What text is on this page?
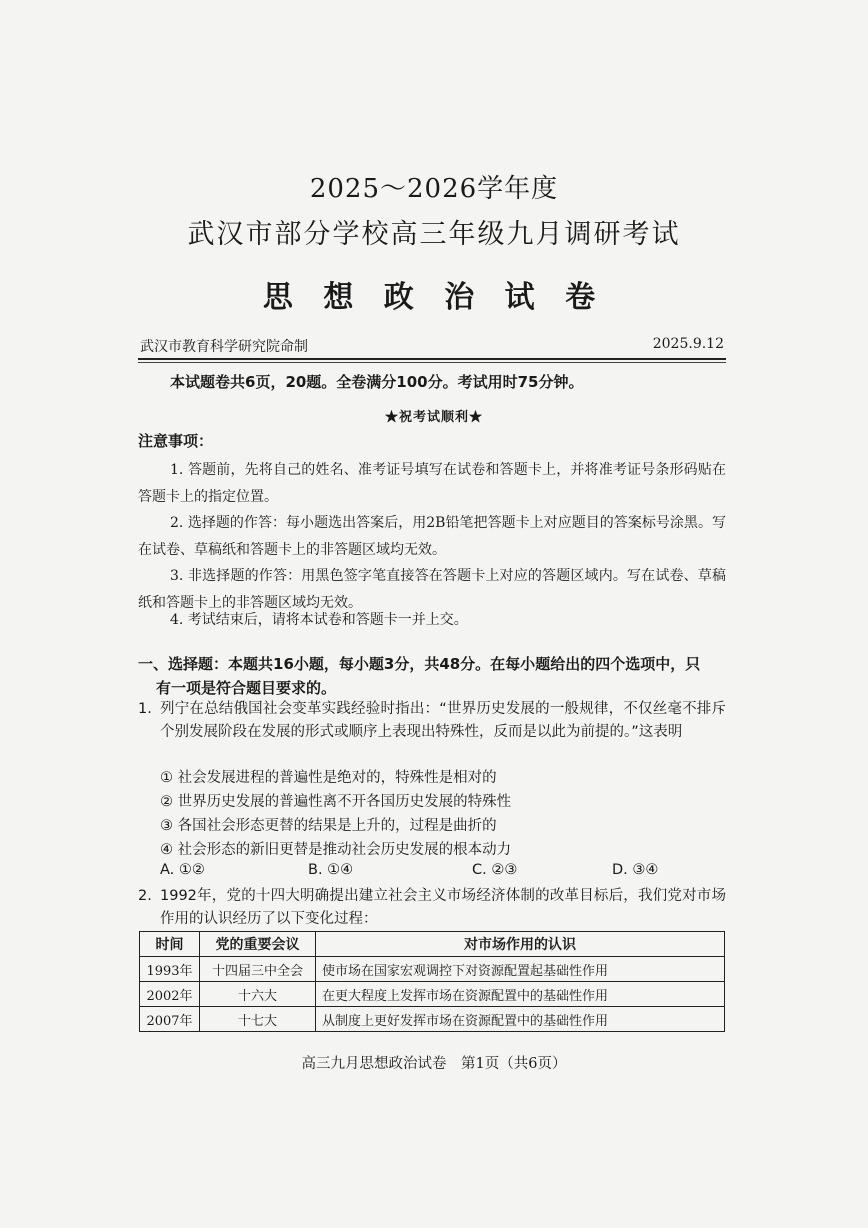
2025～2026学年度
武汉市部分学校高三年级九月调研考试
思 想 政 治 试 卷
武汉市教育科学研究院命制	2025.9.12
本试题卷共6页，20题。全卷满分100分。考试用时75分钟。
★祝考试顺利★
注意事项：

1. 答题前，先将自己的姓名、准考证号填写在试卷和答题卡上，并将准考证号条形码贴在答题卡上的指定位置。

2. 选择题的作答：每小题选出答案后，用2B铅笔把答题卡上对应题目的答案标号涂黑。写在试卷、草稿纸和答题卡上的非答题区域均无效。

3. 非选择题的作答：用黑色签字笔直接答在答题卡上对应的答题区域内。写在试卷、草稿纸和答题卡上的非答题区域均无效。

4. 考试结束后，请将本试卷和答题卡一并上交。

一、选择题：本题共16小题，每小题3分，共48分。在每小题给出的四个选项中，只
有一项是符合题目要求的。
1. 列宁在总结俄国社会变革实践经验时指出：“世界历史发展的一般规律，不仅丝毫不排斥个别发展阶段在发展的形式或顺序上表现出特殊性，反而是以此为前提的。”这表明
① 社会发展进程的普遍性是绝对的，特殊性是相对的
② 世界历史发展的普遍性离不开各国历史发展的特殊性
③ 各国社会形态更替的结果是上升的，过程是曲折的
④ 社会形态的新旧更替是推动社会历史发展的根本动力
A. ①②	B. ①④	C. ②③	D. ③④
2. 1992年，党的十四大明确提出建立社会主义市场经济体制的改革目标后，我们党对市场作用的认识经历了以下变化过程：
时间	党的重要会议	对市场作用的认识
1993年	十四届三中全会	使市场在国家宏观调控下对资源配置起基础性作用
2002年	十六大	在更大程度上发挥市场在资源配置中的基础性作用
2007年	十七大	从制度上更好发挥市场在资源配置中的基础性作用
高三九月思想政治试卷　第1页（共6页）
